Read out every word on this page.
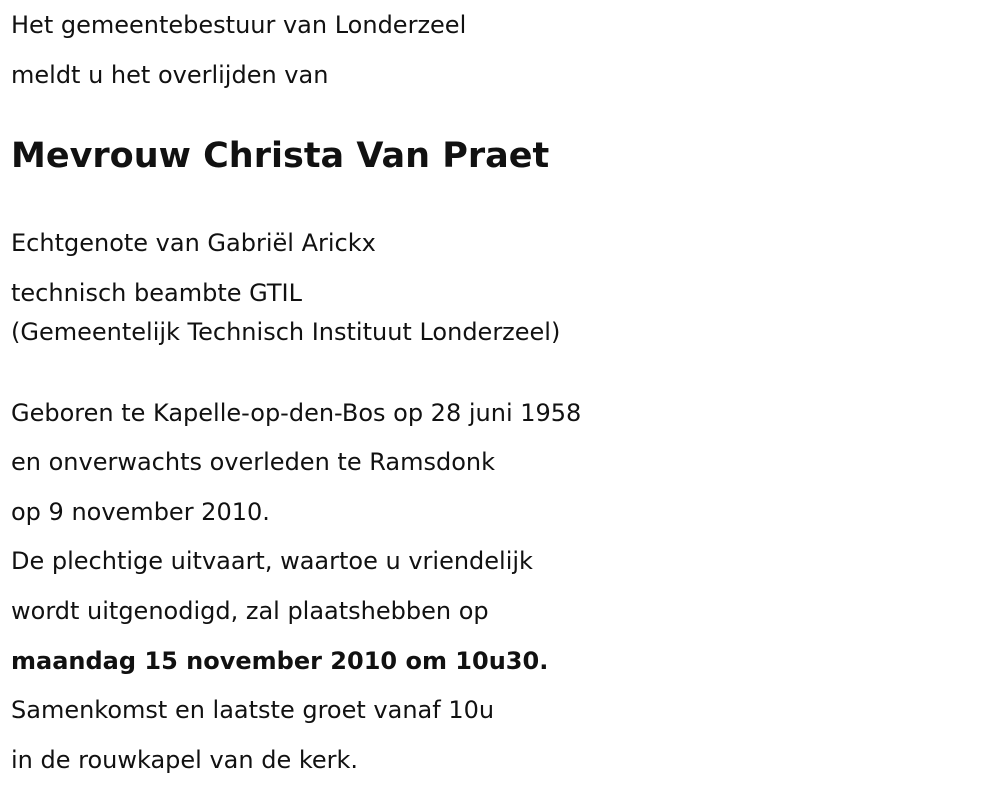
Het gemeentebestuur van Londerzeel
meldt u het overlijden van
Mevrouw Christa Van Praet
Echtgenote van Gabriël Arickx
technisch beambte GTIL
(Gemeentelijk Technisch Instituut Londerzeel)
Geboren te Kapelle-op-den-Bos op 28 juni 1958
en onverwachts overleden te Ramsdonk
op 9 november 2010.
De plechtige uitvaart, waartoe u vriendelijk
wordt uitgenodigd, zal plaatshebben op
maandag 15 november 2010 om 10u30.
Samenkomst en laatste groet vanaf 10u
in de rouwkapel van de kerk.
